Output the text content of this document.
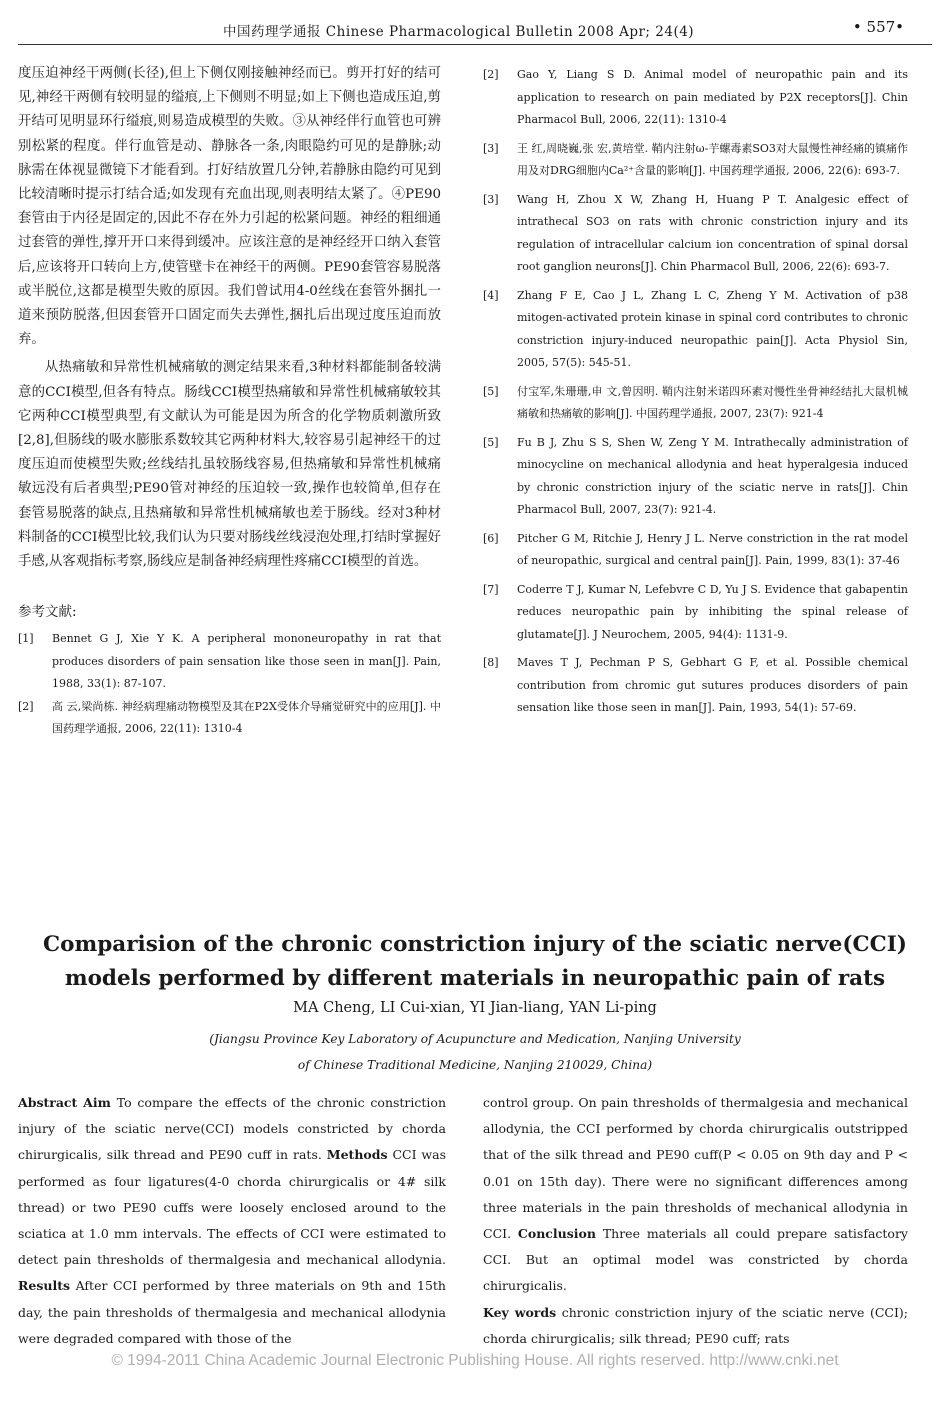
中国药理学通报 Chinese Pharmacological Bulletin 2008 Apr; 24(4)	• 557•

度压迫神经干两侧(长径),但上下侧仅刚接触神经而已。剪开打好的结可见,神经干两侧有较明显的缢痕,上下侧则不明显;如上下侧也造成压迫,剪开结可见明显环行缢痕,则易造成模型的失败。③从神经伴行血管也可辨别松紧的程度。伴行血管是动、静脉各一条,肉眼隐约可见的是静脉;动脉需在体视显微镜下才能看到。打好结放置几分钟,若静脉由隐约可见到比较清晰时提示打结合适;如发现有充血出现,则表明结太紧了。④PE90套管由于内径是固定的,因此不存在外力引起的松紧问题。神经的粗细通过套管的弹性,撑开开口来得到缓冲。应该注意的是神经经开口纳入套管后,应该将开口转向上方,使管壁卡在神经干的两侧。PE90套管容易脱落或半脱位,这都是模型失败的原因。我们曾试用4-0丝线在套管外捆扎一道来预防脱落,但因套管开口固定而失去弹性,捆扎后出现过度压迫而放弃。

从热痛敏和异常性机械痛敏的测定结果来看,3种材料都能制备较满意的CCI模型,但各有特点。肠线CCI模型热痛敏和异常性机械痛敏较其它两种CCI模型典型,有文献认为可能是因为所含的化学物质刺激所致[2,8],但肠线的吸水膨胀系数较其它两种材料大,较容易引起神经干的过度压迫而使模型失败;丝线结扎虽较肠线容易,但热痛敏和异常性机械痛敏远没有后者典型;PE90管对神经的压迫较一致,操作也较简单,但存在套管易脱落的缺点,且热痛敏和异常性机械痛敏也差于肠线。经对3种材料制备的CCI模型比较,我们认为只要对肠线丝线浸泡处理,打结时掌握好手感,从客观指标考察,肠线应是制备神经病理性疼痛CCI模型的首选。

参考文献:
[1]	Bennet G J, Xie Y K. A peripheral mononeuropathy in rat that produces disorders of pain sensation like those seen in man[J]. Pain, 1988, 33(1): 87-107.
[2]	高 云,梁尚栋. 神经病理痛动物模型及其在P2X受体介导痛觉研究中的应用[J]. 中国药理学通报, 2006, 22(11): 1310-4
[2]	Gao Y, Liang S D. Animal model of neuropathic pain and its application to research on pain mediated by P2X receptors[J]. Chin Pharmacol Bull, 2006, 22(11): 1310-4
[3]	王 红,周晓巍,张 宏,黄培堂. 鞘内注射ω-芋螺毒素SO3对大鼠慢性神经痛的镇痛作用及对DRG细胞内Ca²⁺含量的影响[J]. 中国药理学通报, 2006, 22(6): 693-7.
[3]	Wang H, Zhou X W, Zhang H, Huang P T. Analgesic effect of intrathecal SO3 on rats with chronic constriction injury and its regulation of intracellular calcium ion concentration of spinal dorsal root ganglion neurons[J]. Chin Pharmacol Bull, 2006, 22(6): 693-7.
[4]	Zhang F E, Cao J L, Zhang L C, Zheng Y M. Activation of p38 mitogen-activated protein kinase in spinal cord contributes to chronic constriction injury-induced neuropathic pain[J]. Acta Physiol Sin, 2005, 57(5): 545-51.
[5]	付宝军,朱珊珊,申 文,曾因明. 鞘内注射米诺四环素对慢性坐骨神经结扎大鼠机械痛敏和热痛敏的影响[J]. 中国药理学通报, 2007, 23(7): 921-4
[5]	Fu B J, Zhu S S, Shen W, Zeng Y M. Intrathecally administration of minocycline on mechanical allodynia and heat hyperalgesia induced by chronic constriction injury of the sciatic nerve in rats[J]. Chin Pharmacol Bull, 2007, 23(7): 921-4.
[6]	Pitcher G M, Ritchie J, Henry J L. Nerve constriction in the rat model of neuropathic, surgical and central pain[J]. Pain, 1999, 83(1): 37-46
[7]	Coderre T J, Kumar N, Lefebvre C D, Yu J S. Evidence that gabapentin reduces neuropathic pain by inhibiting the spinal release of glutamate[J]. J Neurochem, 2005, 94(4): 1131-9.
[8]	Maves T J, Pechman P S, Gebhart G F, et al. Possible chemical contribution from chromic gut sutures produces disorders of pain sensation like those seen in man[J]. Pain, 1993, 54(1): 57-69.
Comparision of the chronic constriction injury of the sciatic nerve(CCI)
models performed by different materials in neuropathic pain of rats
MA Cheng, LI Cui-xian, YI Jian-liang, YAN Li-ping
(Jiangsu Province Key Laboratory of Acupuncture and Medication, Nanjing University
of Chinese Traditional Medicine, Nanjing 210029, China)
Abstract Aim To compare the effects of the chronic constriction injury of the sciatic nerve(CCI) models constricted by chorda chirurgicalis, silk thread and PE90 cuff in rats. Methods CCI was performed as four ligatures(4-0 chorda chirurgicalis or 4# silk thread) or two PE90 cuffs were loosely enclosed around to the sciatica at 1.0 mm intervals. The effects of CCI were estimated to detect pain thresholds of thermalgesia and mechanical allodynia. Results After CCI performed by three materials on 9th and 15th day, the pain thresholds of thermalgesia and mechanical allodynia were degraded compared with those of the
control group. On pain thresholds of thermalgesia and mechanical allodynia, the CCI performed by chorda chirurgicalis outstripped that of the silk thread and PE90 cuff(P < 0.05 on 9th day and P < 0.01 on 15th day). There were no significant differences among three materials in the pain thresholds of mechanical allodynia in CCI. Conclusion Three materials all could prepare satisfactory CCI. But an optimal model was constricted by chorda chirurgicalis.
Key words chronic constriction injury of the sciatic nerve (CCI); chorda chirurgicalis; silk thread; PE90 cuff; rats
© 1994-2011 China Academic Journal Electronic Publishing House. All rights reserved. http://www.cnki.net
